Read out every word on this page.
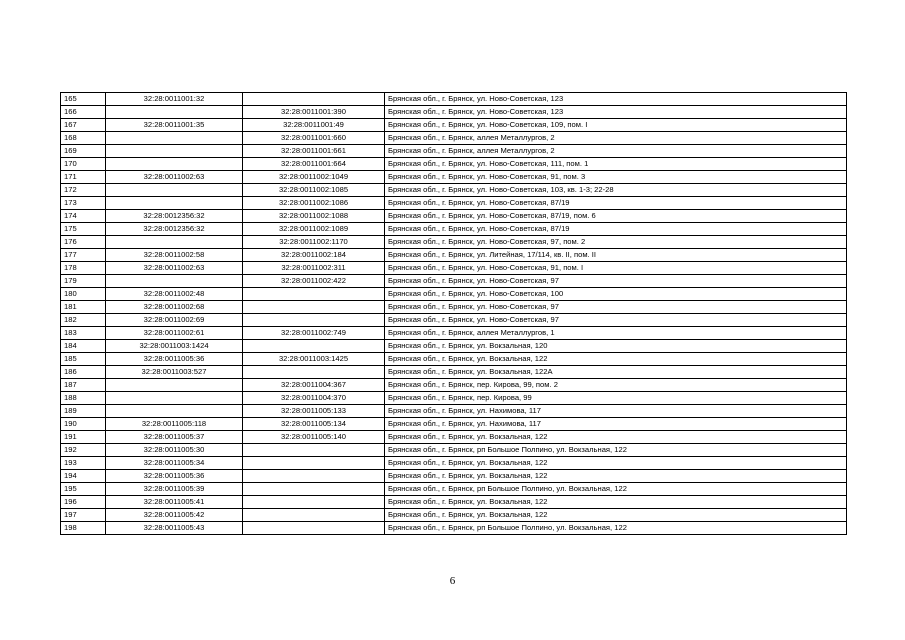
165	32:28:0011001:32		Брянская обл., г. Брянск, ул. Ново-Советская, 123
166		32:28:0011001:390	Брянская обл., г. Брянск, ул. Ново-Советская, 123
167	32:28:0011001:35	32:28:0011001:49	Брянская обл., г. Брянск, ул. Ново-Советская, 109, пом. I
168		32:28:0011001:660	Брянская обл., г. Брянск, аллея Металлургов, 2
169		32:28:0011001:661	Брянская обл., г. Брянск, аллея Металлургов, 2
170		32:28:0011001:664	Брянская обл., г. Брянск, ул. Ново-Советская, 111, пом. 1
171	32:28:0011002:63	32:28:0011002:1049	Брянская обл., г. Брянск, ул. Ново-Советская, 91, пом. 3
172		32:28:0011002:1085	Брянская обл., г. Брянск, ул. Ново-Советская, 103, кв. 1-3; 22-28
173		32:28:0011002:1086	Брянская обл., г. Брянск, ул. Ново-Советская, 87/19
174	32:28:0012356:32	32:28:0011002:1088	Брянская обл., г. Брянск, ул. Ново-Советская, 87/19, пом. 6
175	32:28:0012356:32	32:28:0011002:1089	Брянская обл., г. Брянск, ул. Ново-Советская, 87/19
176		32:28:0011002:1170	Брянская обл., г. Брянск, ул. Ново-Советская, 97, пом. 2
177	32:28:0011002:58	32:28:0011002:184	Брянская обл., г. Брянск, ул. Литейная, 17/114, кв. II, пом. II
178	32:28:0011002:63	32:28:0011002:311	Брянская обл., г. Брянск, ул. Ново-Советская, 91, пом. I
179		32:28:0011002:422	Брянская обл., г. Брянск, ул. Ново-Советская, 97
180	32:28:0011002:48		Брянская обл., г. Брянск, ул. Ново-Советская, 100
181	32:28:0011002:68		Брянская обл., г. Брянск, ул. Ново-Советская, 97
182	32:28:0011002:69		Брянская обл., г. Брянск, ул. Ново-Советская, 97
183	32:28:0011002:61	32:28:0011002:749	Брянская обл., г. Брянск, аллея Металлургов, 1
184	32:28:0011003:1424		Брянская обл., г. Брянск, ул. Вокзальная, 120
185	32:28:0011005:36	32:28:0011003:1425	Брянская обл., г. Брянск, ул. Вокзальная, 122
186	32:28:0011003:527		Брянская обл., г. Брянск, ул. Вокзальная, 122А
187		32:28:0011004:367	Брянская обл., г. Брянск, пер. Кирова, 99, пом. 2
188		32:28:0011004:370	Брянская обл., г. Брянск, пер. Кирова, 99
189		32:28:0011005:133	Брянская обл., г. Брянск, ул. Нахимова, 117
190	32:28:0011005:118	32:28:0011005:134	Брянская обл., г. Брянск, ул. Нахимова, 117
191	32:28:0011005:37	32:28:0011005:140	Брянская обл., г. Брянск, ул. Вокзальная, 122
192	32:28:0011005:30		Брянская обл., г. Брянск, рп Большое Полпино, ул. Вокзальная, 122
193	32:28:0011005:34		Брянская обл., г. Брянск, ул. Вокзальная, 122
194	32:28:0011005:36		Брянская обл., г. Брянск, ул. Вокзальная, 122
195	32:28:0011005:39		Брянская обл., г. Брянск, рп Большое Полпино, ул. Вокзальная, 122
196	32:28:0011005:41		Брянская обл., г. Брянск, ул. Вокзальная, 122
197	32:28:0011005:42		Брянская обл., г. Брянск, ул. Вокзальная, 122
198	32:28:0011005:43		Брянская обл., г. Брянск, рп Большое Полпино, ул. Вокзальная, 122
6
